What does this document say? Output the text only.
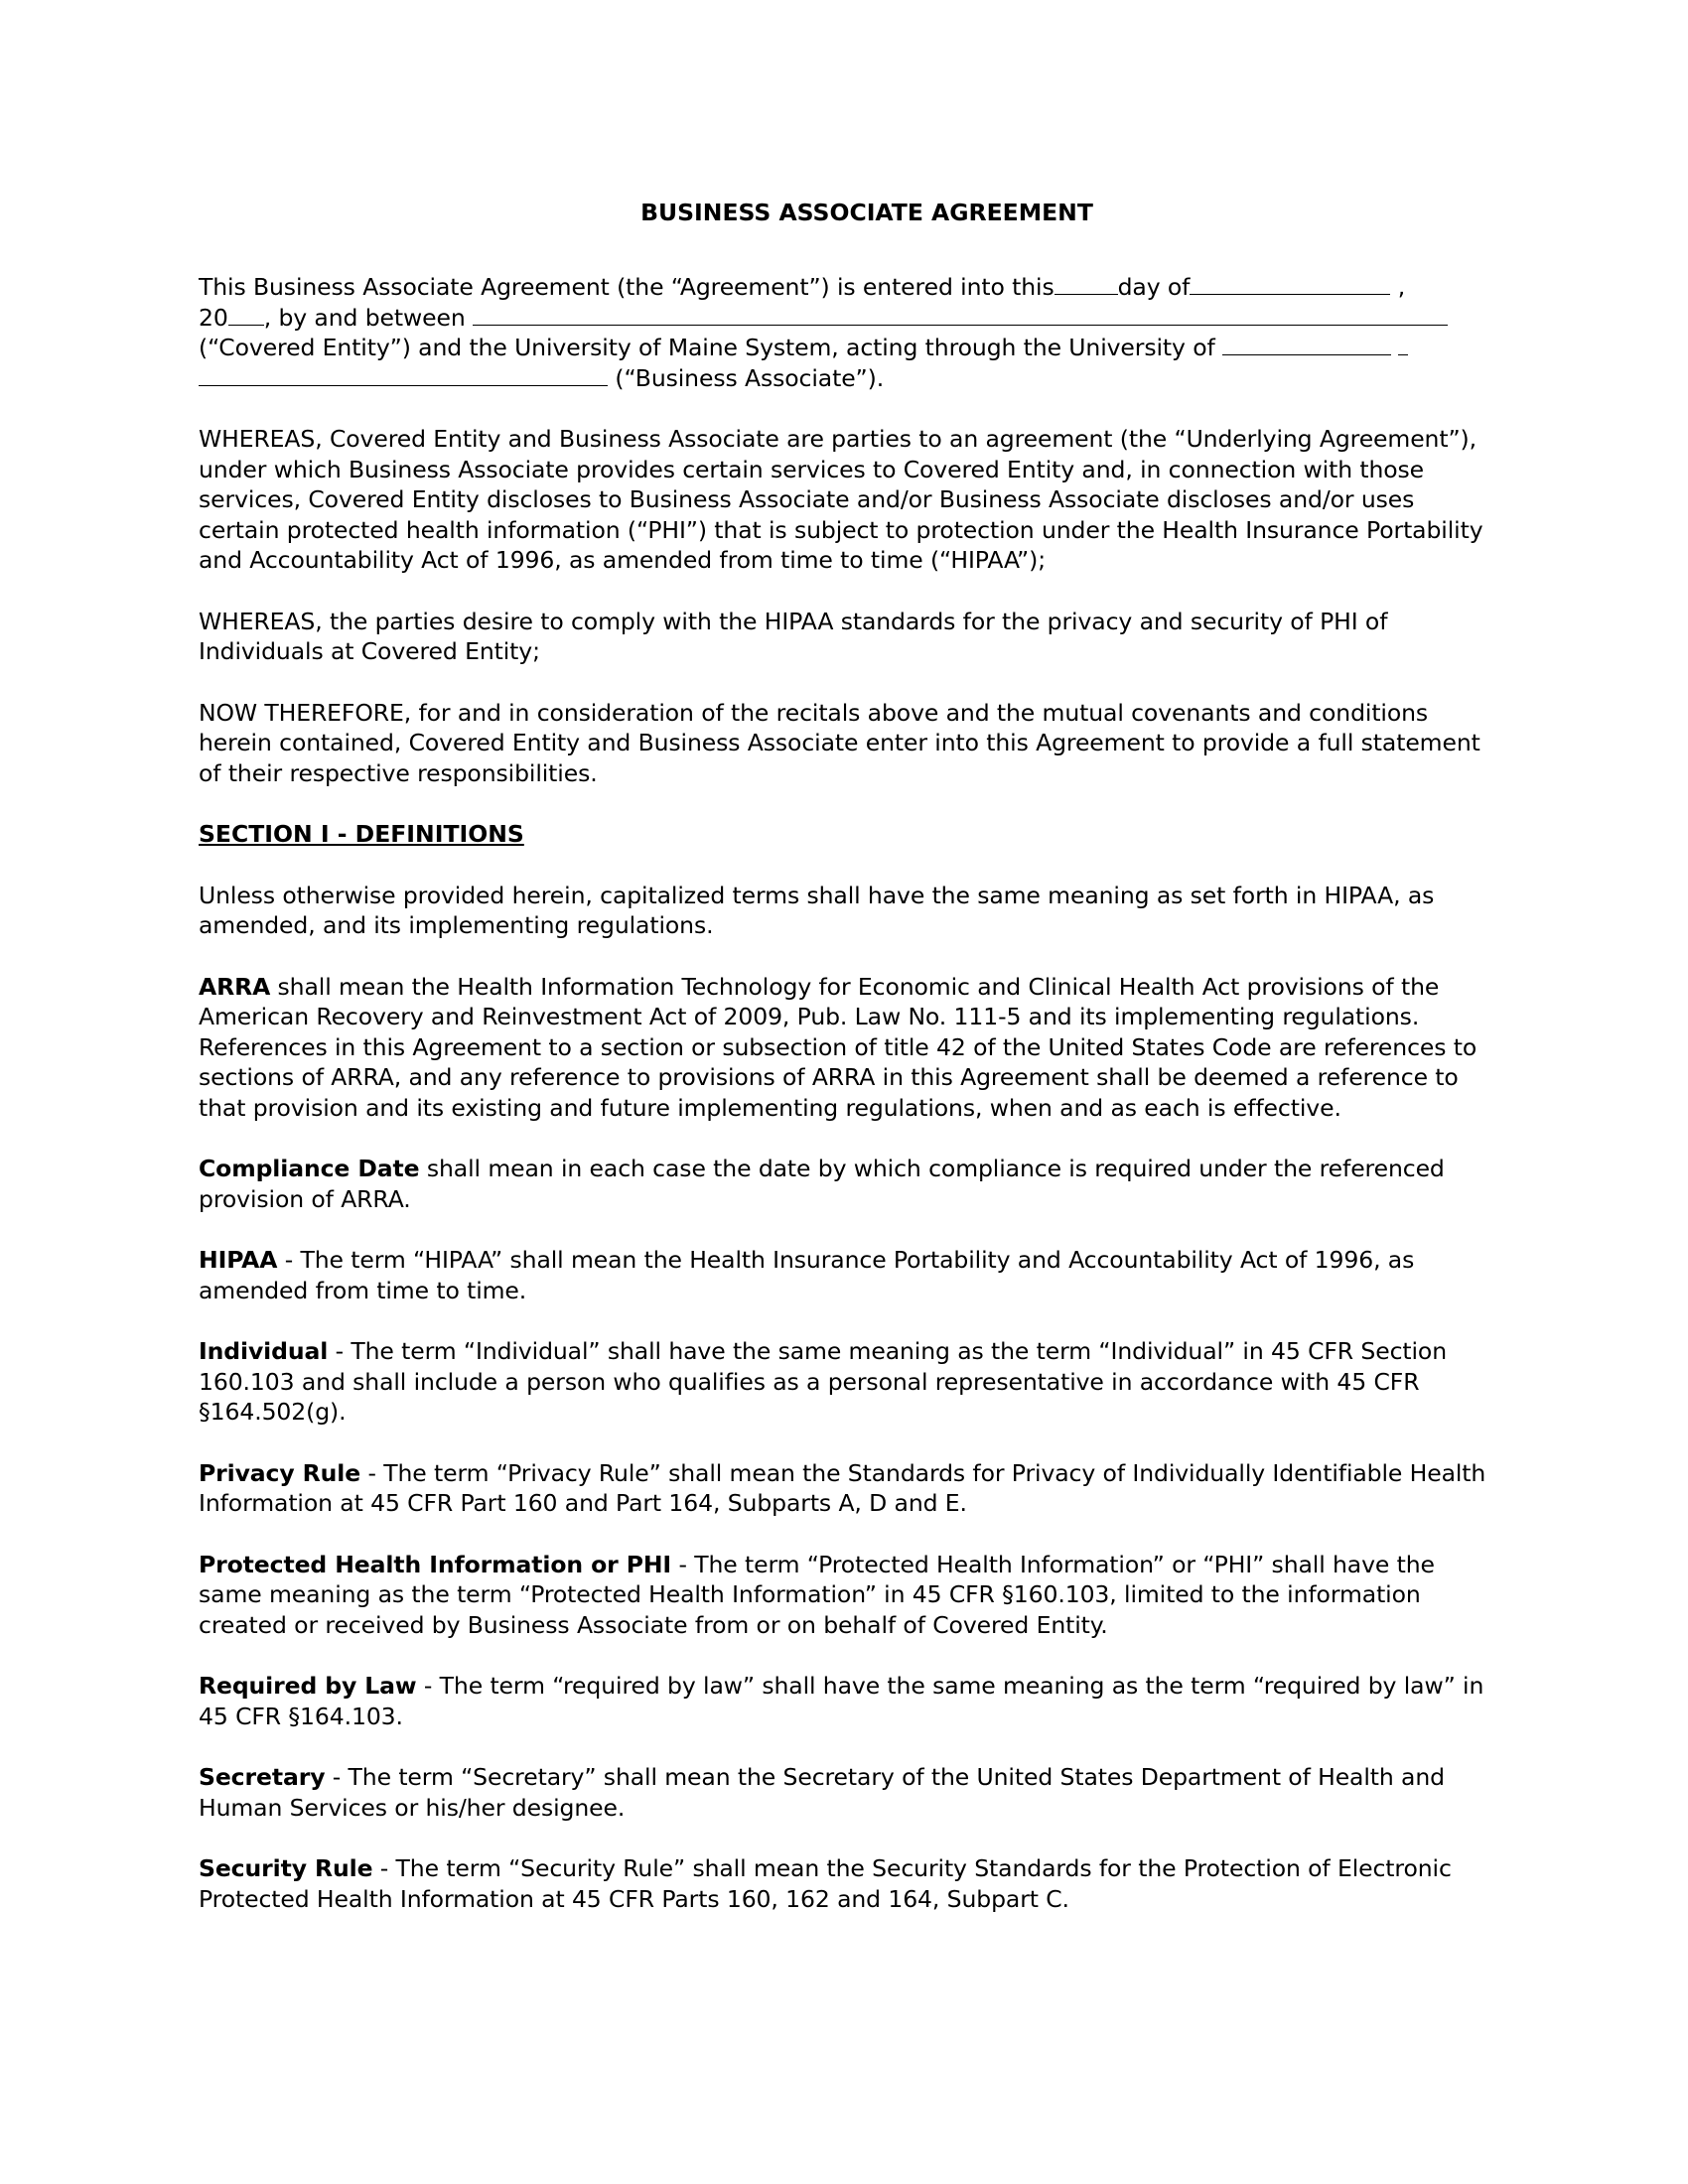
BUSINESS ASSOCIATE AGREEMENT

This Business Associate Agreement (the “Agreement”) is entered into this	day of	,
20 , by and between
(“Covered Entity”) and the University of Maine System, acting through the University of
(“Business Associate”).

WHEREAS, Covered Entity and Business Associate are parties to an agreement (the “Underlying Agreement”), under which Business Associate provides certain services to Covered Entity and, in connection with those services, Covered Entity discloses to Business Associate and/or Business Associate discloses and/or uses certain protected health information (“PHI”) that is subject to protection under the Health Insurance Portability and Accountability Act of 1996, as amended from time to time (“HIPAA”);

WHEREAS, the parties desire to comply with the HIPAA standards for the privacy and security of PHI of Individuals at Covered Entity;

NOW THEREFORE, for and in consideration of the recitals above and the mutual covenants and conditions herein contained, Covered Entity and Business Associate enter into this Agreement to provide a full statement of their respective responsibilities.

SECTION I - DEFINITIONS

Unless otherwise provided herein, capitalized terms shall have the same meaning as set forth in HIPAA, as amended, and its implementing regulations.

ARRA shall mean the Health Information Technology for Economic and Clinical Health Act provisions of the American Recovery and Reinvestment Act of 2009, Pub. Law No. 111-5 and its implementing regulations. References in this Agreement to a section or subsection of title 42 of the United States Code are references to sections of ARRA, and any reference to provisions of ARRA in this Agreement shall be deemed a reference to that provision and its existing and future implementing regulations, when and as each is effective.

Compliance Date shall mean in each case the date by which compliance is required under the referenced provision of ARRA.

HIPAA - The term “HIPAA” shall mean the Health Insurance Portability and Accountability Act of 1996, as amended from time to time.

Individual - The term “Individual” shall have the same meaning as the term “Individual” in 45 CFR Section 160.103 and shall include a person who qualifies as a personal representative in accordance with 45 CFR §164.502(g).

Privacy Rule - The term “Privacy Rule” shall mean the Standards for Privacy of Individually Identifiable Health Information at 45 CFR Part 160 and Part 164, Subparts A, D and E.

Protected Health Information or PHI - The term “Protected Health Information” or “PHI” shall have the same meaning as the term “Protected Health Information” in 45 CFR §160.103, limited to the information created or received by Business Associate from or on behalf of Covered Entity.

Required by Law - The term “required by law” shall have the same meaning as the term “required by law” in 45 CFR §164.103.

Secretary - The term “Secretary” shall mean the Secretary of the United States Department of Health and Human Services or his/her designee.

Security Rule - The term “Security Rule” shall mean the Security Standards for the Protection of Electronic Protected Health Information at 45 CFR Parts 160, 162 and 164, Subpart C.
